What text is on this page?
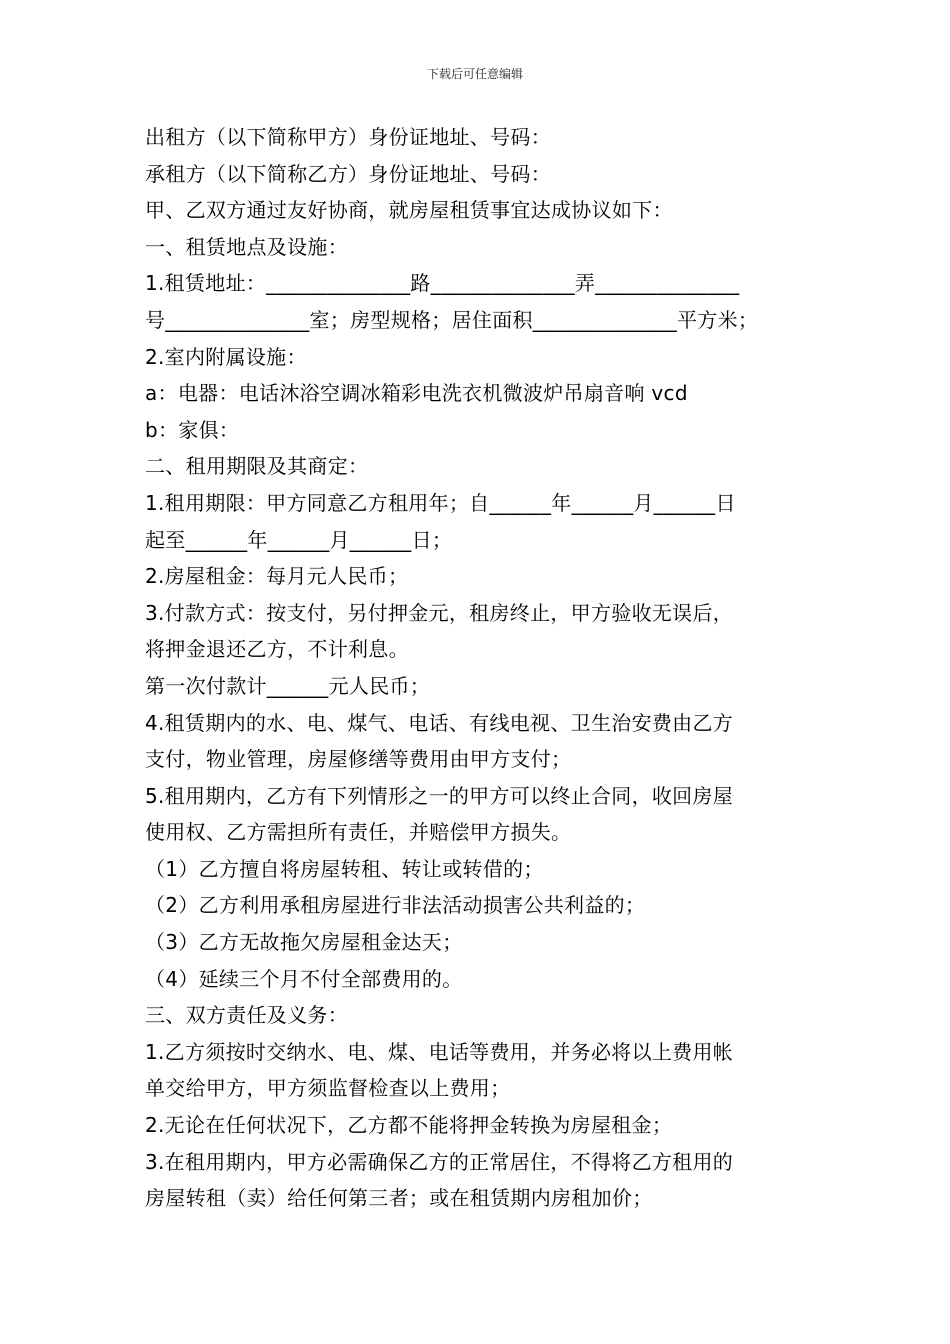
下载后可任意编辑
出租方（以下简称甲方）身份证地址、号码：
承租方（以下简称乙方）身份证地址、号码：
甲、乙双方通过友好协商，就房屋租赁事宜达成协议如下：
一、租赁地点及设施：
1.租赁地址：______________路______________弄______________
号______________室；房型规格；居住面积______________平方米；
2.室内附属设施：
a：电器：电话沐浴空调冰箱彩电洗衣机微波炉吊扇音响 vcd
b：家俱：
二、租用期限及其商定：
1.租用期限：甲方同意乙方租用年；自______年______月______日
起至______年______月______日；
2.房屋租金：每月元人民币；
3.付款方式：按支付，另付押金元，租房终止，甲方验收无误后，
将押金退还乙方，不计利息。
第一次付款计______元人民币；
4.租赁期内的水、电、煤气、电话、有线电视、卫生治安费由乙方
支付，物业管理，房屋修缮等费用由甲方支付；
5.租用期内，乙方有下列情形之一的甲方可以终止合同，收回房屋
使用权、乙方需担所有责任，并赔偿甲方损失。
（1）乙方擅自将房屋转租、转让或转借的；
（2）乙方利用承租房屋进行非法活动损害公共利益的；
（3）乙方无故拖欠房屋租金达天；
（4）延续三个月不付全部费用的。
三、双方责任及义务：
1.乙方须按时交纳水、电、煤、电话等费用，并务必将以上费用帐
单交给甲方，甲方须监督检查以上费用；
2.无论在任何状况下，乙方都不能将押金转换为房屋租金；
3.在租用期内，甲方必需确保乙方的正常居住，不得将乙方租用的
房屋转租（卖）给任何第三者；或在租赁期内房租加价；
